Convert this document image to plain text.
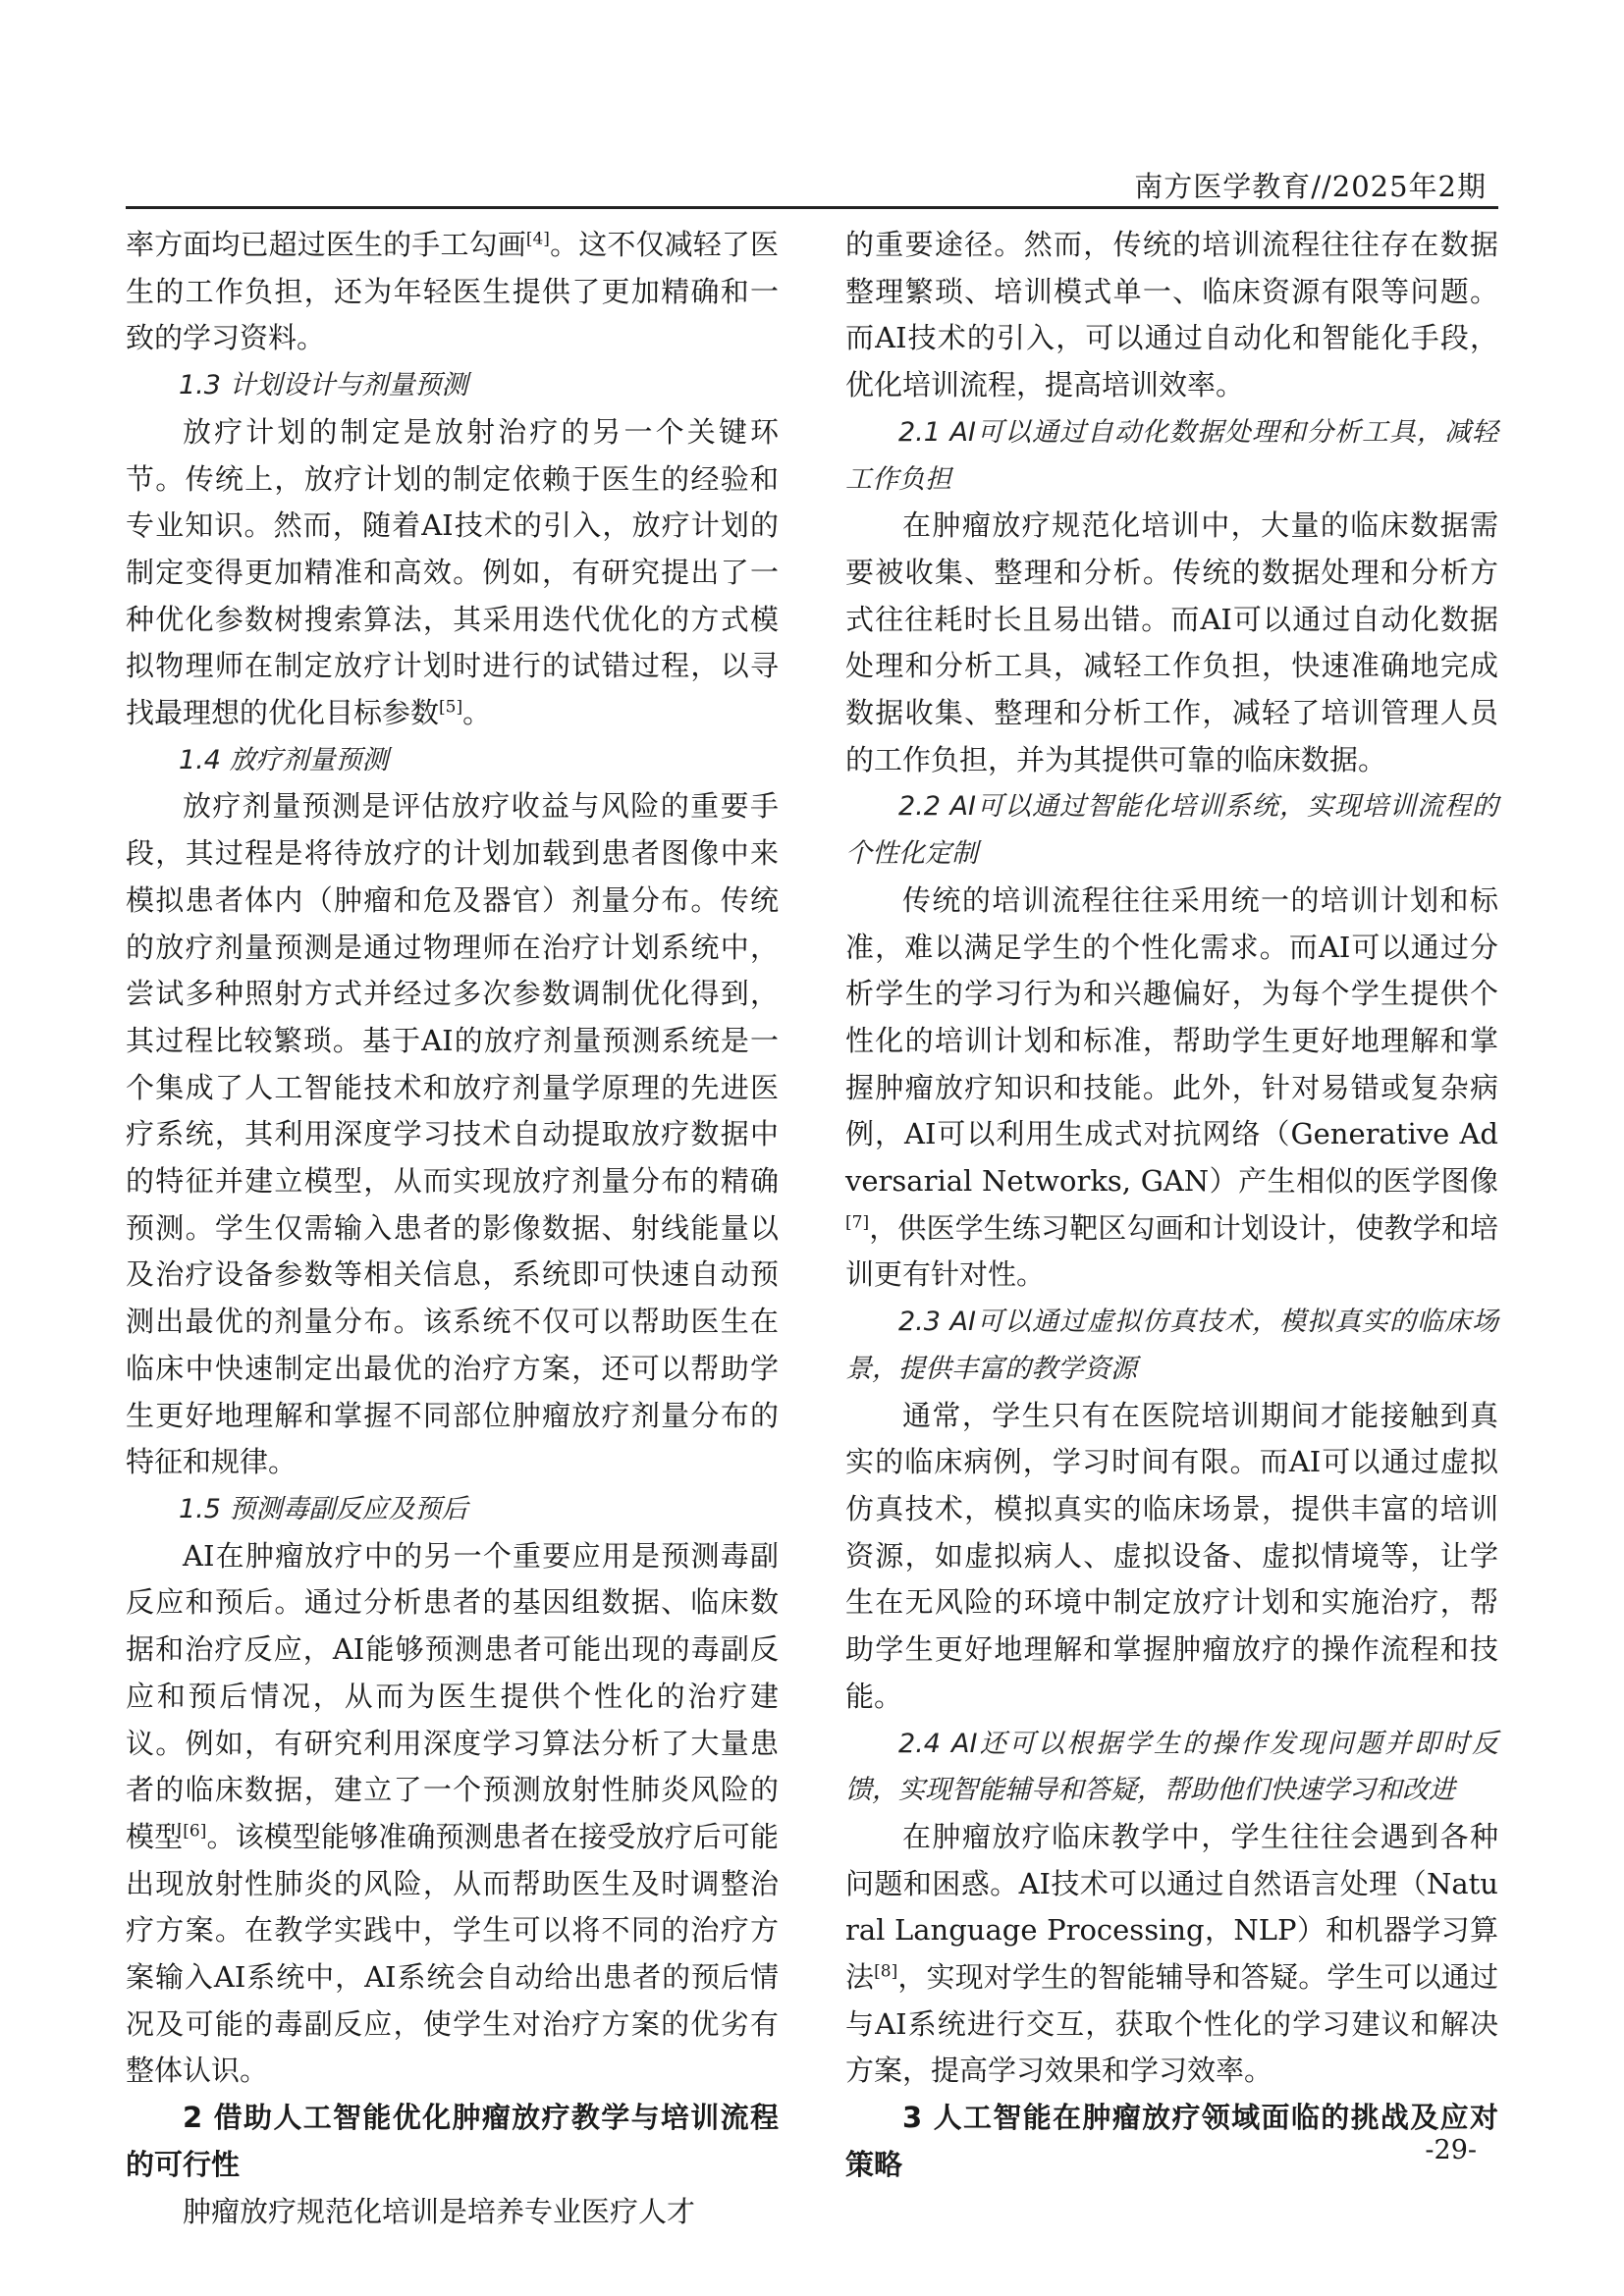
南方医学教育//2025年2期

率方面均已超过医生的手工勾画[4]。这不仅减轻了医生的工作负担，还为年轻医生提供了更加精确和一致的学习资料。

1.3 计划设计与剂量预测

放疗计划的制定是放射治疗的另一个关键环节。传统上，放疗计划的制定依赖于医生的经验和专业知识。然而，随着AI技术的引入，放疗计划的制定变得更加精准和高效。例如，有研究提出了一种优化参数树搜索算法，其采用迭代优化的方式模拟物理师在制定放疗计划时进行的试错过程，以寻找最理想的优化目标参数[5]。

1.4 放疗剂量预测

放疗剂量预测是评估放疗收益与风险的重要手段，其过程是将待放疗的计划加载到患者图像中来模拟患者体内（肿瘤和危及器官）剂量分布。传统的放疗剂量预测是通过物理师在治疗计划系统中，尝试多种照射方式并经过多次参数调制优化得到，其过程比较繁琐。基于AI的放疗剂量预测系统是一个集成了人工智能技术和放疗剂量学原理的先进医疗系统，其利用深度学习技术自动提取放疗数据中的特征并建立模型，从而实现放疗剂量分布的精确预测。学生仅需输入患者的影像数据、射线能量以及治疗设备参数等相关信息，系统即可快速自动预测出最优的剂量分布。该系统不仅可以帮助医生在临床中快速制定出最优的治疗方案，还可以帮助学生更好地理解和掌握不同部位肿瘤放疗剂量分布的特征和规律。

1.5 预测毒副反应及预后

AI在肿瘤放疗中的另一个重要应用是预测毒副反应和预后。通过分析患者的基因组数据、临床数据和治疗反应，AI能够预测患者可能出现的毒副反应和预后情况，从而为医生提供个性化的治疗建议。例如，有研究利用深度学习算法分析了大量患者的临床数据，建立了一个预测放射性肺炎风险的模型[6]。该模型能够准确预测患者在接受放疗后可能出现放射性肺炎的风险，从而帮助医生及时调整治疗方案。在教学实践中，学生可以将不同的治疗方案输入AI系统中，AI系统会自动给出患者的预后情况及可能的毒副反应，使学生对治疗方案的优劣有整体认识。

2 借助人工智能优化肿瘤放疗教学与培训流程的可行性

肿瘤放疗规范化培训是培养专业医疗人才

的重要途径。然而，传统的培训流程往往存在数据整理繁琐、培训模式单一、临床资源有限等问题。而AI技术的引入，可以通过自动化和智能化手段，优化培训流程，提高培训效率。

2.1 AI可以通过自动化数据处理和分析工具，减轻工作负担

在肿瘤放疗规范化培训中，大量的临床数据需要被收集、整理和分析。传统的数据处理和分析方式往往耗时长且易出错。而AI可以通过自动化数据处理和分析工具，减轻工作负担，快速准确地完成数据收集、整理和分析工作，减轻了培训管理人员的工作负担，并为其提供可靠的临床数据。

2.2 AI可以通过智能化培训系统，实现培训流程的个性化定制

传统的培训流程往往采用统一的培训计划和标准，难以满足学生的个性化需求。而AI可以通过分析学生的学习行为和兴趣偏好，为每个学生提供个性化的培训计划和标准，帮助学生更好地理解和掌握肿瘤放疗知识和技能。此外，针对易错或复杂病例，AI可以利用生成式对抗网络（Generative Adversarial Networks, GAN）产生相似的医学图像[7]，供医学生练习靶区勾画和计划设计，使教学和培训更有针对性。

2.3 AI可以通过虚拟仿真技术，模拟真实的临床场景，提供丰富的教学资源

通常，学生只有在医院培训期间才能接触到真实的临床病例，学习时间有限。而AI可以通过虚拟仿真技术，模拟真实的临床场景，提供丰富的培训资源，如虚拟病人、虚拟设备、虚拟情境等，让学生在无风险的环境中制定放疗计划和实施治疗，帮助学生更好地理解和掌握肿瘤放疗的操作流程和技能。

2.4 AI还可以根据学生的操作发现问题并即时反馈，实现智能辅导和答疑，帮助他们快速学习和改进

在肿瘤放疗临床教学中，学生往往会遇到各种问题和困惑。AI技术可以通过自然语言处理（Natural Language Processing，NLP）和机器学习算法[8]，实现对学生的智能辅导和答疑。学生可以通过与AI系统进行交互，获取个性化的学习建议和解决方案，提高学习效果和学习效率。

3 人工智能在肿瘤放疗领域面临的挑战及应对策略	-29-
